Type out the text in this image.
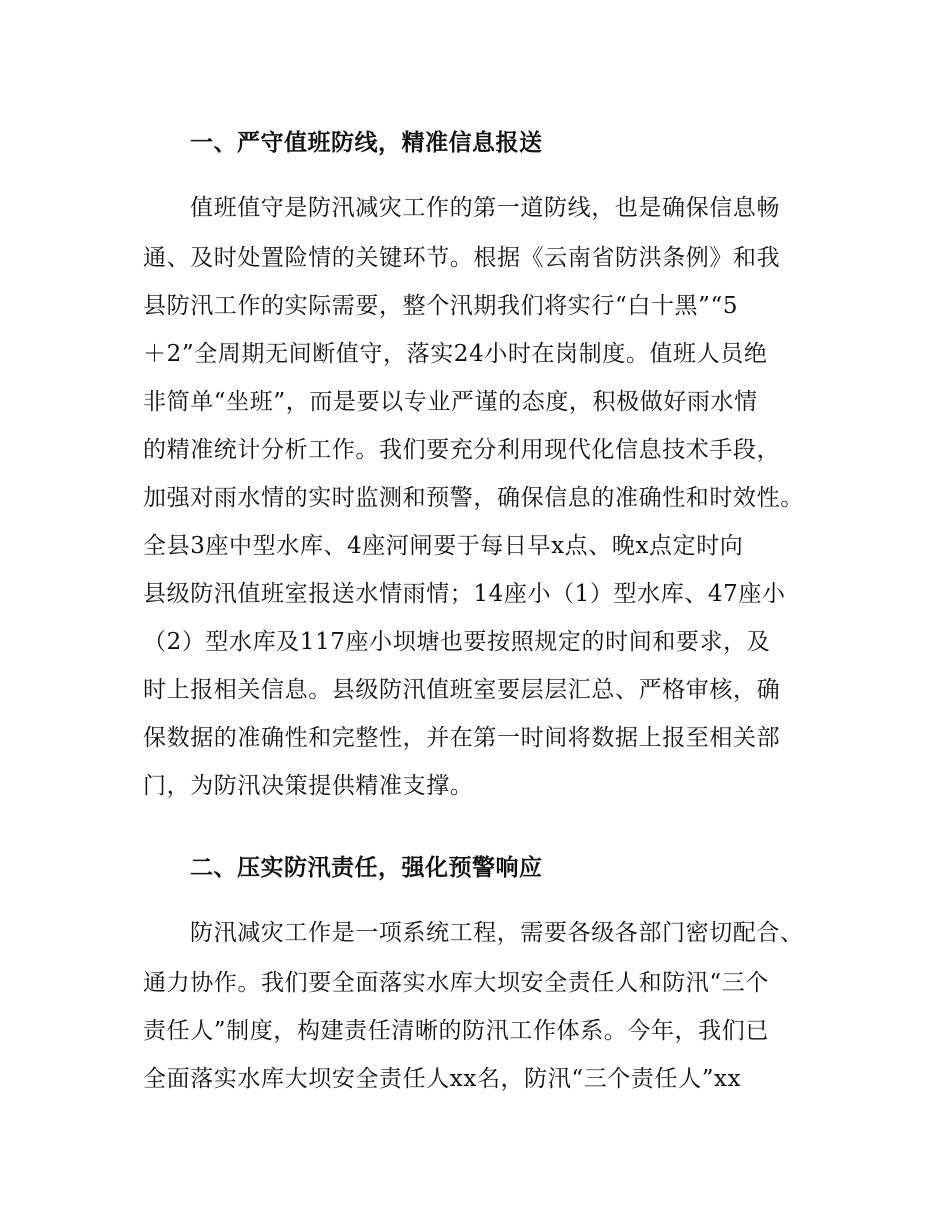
一、严守值班防线，精准信息报送
值班值守是防汛减灾工作的第一道防线，也是确保信息畅
通、及时处置险情的关键环节。根据《云南省防洪条例》和我
县防汛工作的实际需要，整个汛期我们将实行“白十黑”“5
＋2”全周期无间断值守，落实24小时在岗制度。值班人员绝
非简单“坐班”，而是要以专业严谨的态度，积极做好雨水情
的精准统计分析工作。我们要充分利用现代化信息技术手段，
加强对雨水情的实时监测和预警，确保信息的准确性和时效性。
全县3座中型水库、4座河闸要于每日早x点、晚x点定时向
县级防汛值班室报送水情雨情；14座小（1）型水库、47座小
（2）型水库及117座小坝塘也要按照规定的时间和要求，及
时上报相关信息。县级防汛值班室要层层汇总、严格审核，确
保数据的准确性和完整性，并在第一时间将数据上报至相关部
门，为防汛决策提供精准支撑。
二、压实防汛责任，强化预警响应
防汛减灾工作是一项系统工程，需要各级各部门密切配合、
通力协作。我们要全面落实水库大坝安全责任人和防汛“三个
责任人”制度，构建责任清晰的防汛工作体系。今年，我们已
全面落实水库大坝安全责任人xx名，防汛“三个责任人”xx
